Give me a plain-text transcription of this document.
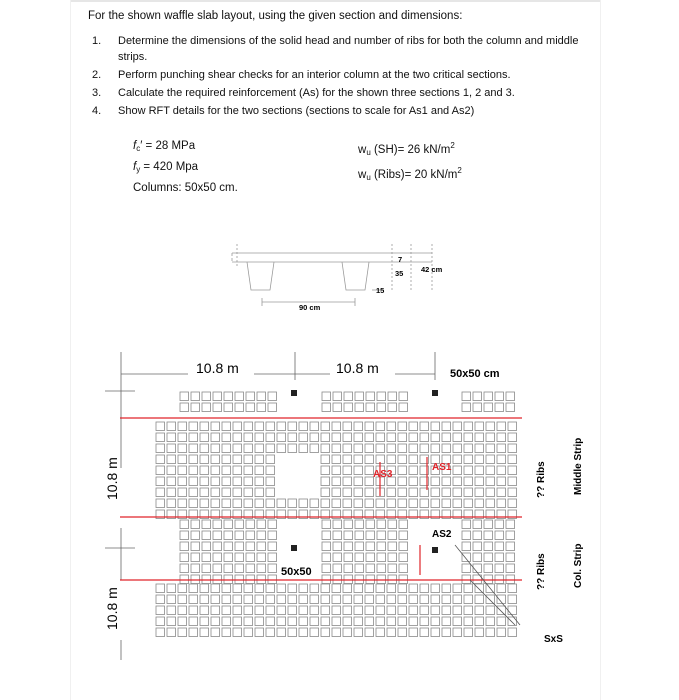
For the shown waffle slab layout, using the given section and dimensions:
1. Determine the dimensions of the solid head and number of ribs for both the column and middle strips.
2. Perform punching shear checks for an interior column at the two critical sections.
3. Calculate the required reinforcement (As) for the shown three sections 1, 2 and 3.
4. Show RFT details for the two sections (sections to scale for As1 and As2)
$f_c' = 28$ MPa
$f_y = 420$ Mpa
Columns: 50x50 cm.
$w_u$ (SH)= 26 $kN/m^2$
$w_u$ (Ribs)= 20 $kN/m^2$
7
35 42 cm
15
90 cm
10.8 m	10.8 m	50x50 cm
10.8 m
10.8 m
AS1
AS3
AS2
50x50
?? Ribs
?? Ribs
Middle Strip
Col. Strip
SxS
